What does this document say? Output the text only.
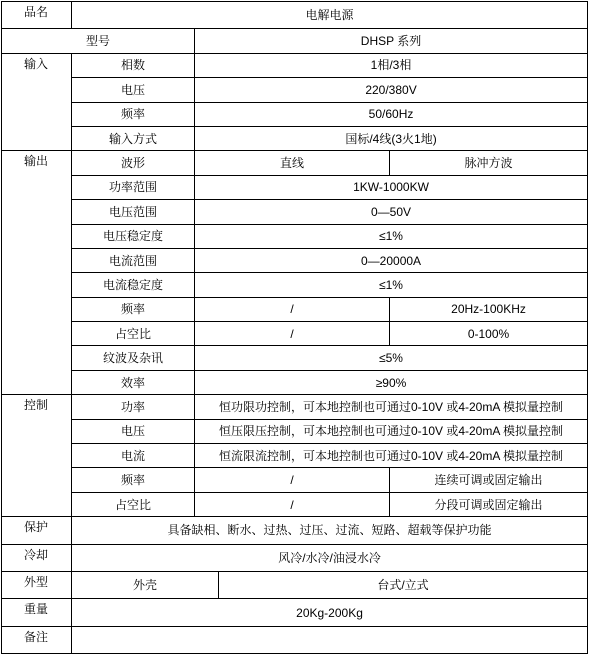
品名	电解电源			
型号		DHSP 系列		
输入	相数	1相/3相		
	电压	220/380V		
	频率	50/60Hz		
	输入方式	国标/4线(3火1地)		
输出	波形	直线		脉冲方波
	功率范围	1KW-1000KW		
	电压范围	0—50V		
	电压稳定度	≤1%		
	电流范围	0—20000A		
	电流稳定度	≤1%		
	频率	/		20Hz-100KHz
	占空比	/		0-100%
	纹波及杂讯	≤5%		
	效率	≥90%		
控制	功率	恒功限功控制，可本地控制也可通过0-10V 或4-20mA 模拟量控制		
	电压	恒压限压控制，可本地控制也可通过0-10V 或4-20mA 模拟量控制		
	电流	恒流限流控制，可本地控制也可通过0-10V 或4-20mA 模拟量控制		
	频率	/		连续可调或固定输出
	占空比	/		分段可调或固定输出
保护	具备缺相、断水、过热、过压、过流、短路、超载等保护功能			
冷却	风冷/水冷/油浸水冷			
外型	外壳		台式/立式	
重量	20Kg-200Kg			
备注				
